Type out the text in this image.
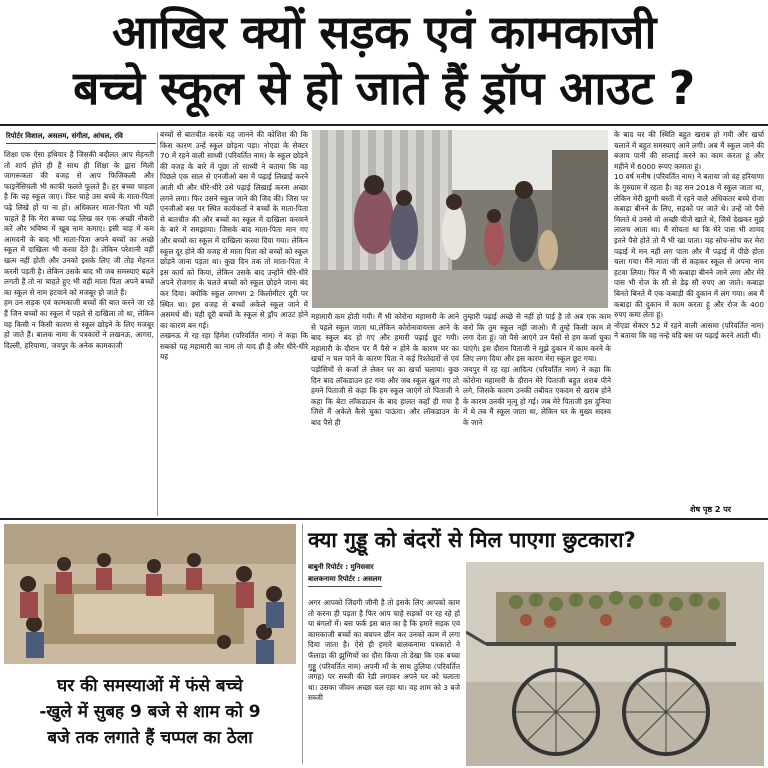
आखिर क्यों सड़क एवं कामकाजी
बच्चे स्कूल से हो जाते हैं ड्रॉप आउट ?
रिपोर्टर विशाल, असलम, संगीता, आंचल, रवि
शिक्षा एक ऐसा हथियार है जिसकी बदौलत आप मेहनती तो शार्प होते ही हैं साथ ही शिक्षा के द्वारा मिली जागरूकता की वजह से आप फिजिकली और फाइनेंसियली भी काफी फलते फूलते हैं। हर बच्चा चाहता है कि वह स्कूल जाए। फिर चाहे उस बच्चे के माता-पिता पढ़े लिखे हों या ना हो। अधिकतर माता-पिता भी यही चाहते हैं कि मेरा बच्चा पढ़ लिख कर एक अच्छी नौकरी करें और भविष्य में खूब नाम कमाए। इसी चाह में कम आमदनी के बाद भी माता-पिता अपने बच्चों का अच्छे स्कूल में दाखिला भी करवा देते हैं। लेकिन परेशानी वहीं खत्म नहीं होती और उनको इसके लिए जी तोड़ मेहनत करनी पड़ती है। लेकिन उसके बाद भी जब समस्याएं बढ़ने लगती हैं तो ना चाहते हुए भी वही माता पिता अपने बच्चों का स्कूल से नाम हटवाने को मजबूर हो जाते हैं।
हम उन सड़क एवं कामकाजी बच्चों की बात करने जा रहे हैं जिन बच्चों का स्कूल में पहले से दाखिला तो था, लेकिन वह किसी न किसी कारण से स्कूल छोड़ने के लिए मजबूर हो जाते हैं। बालक नामा के पत्रकारों ने लखनऊ, आगरा, दिल्ली, हरियाणा, जयपुर के अनेक कामकाजी
बच्चों से बातचीत करके यह जानने की कोशिश की कि किस कारण उन्हें स्कूल छोड़ना पड़ा। नोएडा के सेक्टर 70 में रहने वाली साध्वी (परिवर्तित नाम) के स्कूल छोड़ने की वजह के बारे में पूछा तो साध्वी ने बताया कि वह पिछले एक साल से एनजीओ बस में पढ़ाई लिखाई करने आती थी और धीरे-धीरे उसे पढ़ाई लिखाई करना अच्छा लगने लगा। फिर उसने स्कूल जाने की जिद की। जिस पर एनजीओ बस पर स्थित कार्यकर्ता ने बच्चों के माता-पिता से बातचीत की और बच्चों का स्कूल में दाखिला करवाने के बारे में समझाया। जिसके बाद माता-पिता मान गए और बच्चों का स्कूल में दाखिला करवा दिया गया। लेकिन स्कूल दूर होने की वजह से माता पिता को बच्चों को स्कूल छोड़ने जाना पड़ता था। कुछ दिन तक तो माता-पिता ने इस कार्य को किया, लेकिन उसके बाद उन्होंने धीरे-धीरे अपने रोजगार के चलते बच्चों को स्कूल छोड़ने जाना बंद कर दिया। क्योंकि स्कूल लगभग 2 किलोमीटर दूरी पर स्थित था। इस वजह से बच्चों अकेले स्कूल जाने में असमर्थ थी। यही दूरी बच्चों के स्कूल से ड्रॉप आउट होने का कारण बन गई।
लखनऊ में रह रहा हिमेश (परिवर्तित नाम) ने कहा कि सबको यह महामारी का नाम तो याद ही है और धीरे-धीरे यह
महामारी कम होती गयी। मैं भी कोरोना महामारी के आने से पहले स्कूल जाता था,लेकिन कोरोनावायरस आने के बाद स्कूल बंद हो गए और हमारी पढ़ाई छूट गयी। महामारी के दौरान पर मैं पैसे न होने के कारण घर का खर्चा न चल पाने के कारण पिता ने कई रिश्तेदारों से एवं पड़ोसियों से कर्जा ले लेकर घर का खर्चा चलाया। कुछ दिन बाद लॉकडाउन हट गया और जब स्कूल खुल गए तो हमने पिताजी से कहा कि हम स्कूल जाएंगे तो पिताजी ने कहा कि बेटा लॉकडाउन के बाद हालत कहाँ ही गया है जिसे मैं अकेले कैसे चुका पाऊंगा। और लॉकडाउन के बाद पैसे ही
तुम्हारी पढ़ाई अच्छे से नहीं हो पाई है तो अब एक काम करो कि तुम स्कूल नहीं जाओ। मैं तुम्हें किसी काम में लगा देता हूं। जो पैसे आएंगे उन पैसों से हम कर्जा चुका पाएंगे। इस दौरान पिताजी ने मुझे दुकान में काम करने के लिए लगा दिया और इस कारण मेरा स्कूल छूट गया।
जयपुर में रह रहा आदित्य (परिवर्तित नाम) ने कहा कि कोरोना महामारी के दौरान मेरे पिताजी बहुत शराब पीने लगे, जिसके कारण उनकी तबीयत एकदम से खराब होने के कारण उनकी मृत्यु हो गई। जब मेरे पिताजी इस दुनिया में थे तब मैं स्कूल जाता था, लेकिन घर के मुख्य सदस्य के जाने
के बाद घर की स्थिति बहुत खराब हो गयी और खर्चा चलाने में बहुत समस्याएं आने लगी। अब मैं स्कूल जाने की बजाय पानी की सप्लाई करने का काम करता हूं और महीने में 6000 रूपए कमाता हूं।
10 वर्ष मनीष (परिवर्तित नाम) ने बताया जो वह हरियाणा के गुरुग्राम में रहता है। वह सन 2018 में स्कूल जाता था, लेकिन मेरी झुग्गी बस्ती में रहने वाले अधिकतर बच्चे रोजा कबाड़ा बीनने के लिए, सड़कों पर जाते थे। उन्हें जो पैसे मिलते थे उनसे वो अच्छी चीजें खाते थे, जिसे देखकर मुझे लालच आता था। मैं सोचता था कि मेरे पास भी शायद इतने पैसे होते तो मैं भी खा पाता। यह सोच-सोच कर मेरा पढ़ाई में मन नहीं लग पाता और मैं पढ़ाई में पीछे होता चला गया। मैंने माता जी से कहकर स्कूल से अपना नाम हटवा लिया। फिर मैं भी कबाड़ा बीनने जाने लगा और मेरे पास भी रोज के सौ से डेढ़ सौ रुपए आ जाते। कबाड़ा बिनते बिनते मैं एक कबाड़ी की दुकान में लग गया। अब मैं कबाड़ा की दुकान में काम करता हूं और रोज के 400 रुपए कमा लेता हूं।
नोएडा सेक्टर 52 में रहने वाली आसमा (परिवर्तित नाम) ने बताया कि वह नन्हे यदि बस पर पढ़ाई करने आती थी।
शेष पृष्ठ 2 पर
घर की समस्याओं में फंसे बच्चे
-खुले में सुबह 9 बजे से शाम को 9
बजे तक लगाते हैं चप्पल का ठेला
क्या गुड्डू को बंदरों से मिल पाएगा छुटकारा?
बाबुनी रिपोर्टर : मुनिसवार
बालकनामा रिपोर्टर : असलम
अगर आपको जिंदगी जीनी है तो इसके लिए आपको काम तो करना ही पड़ता है फिर आप चाहे सड़कों पर रह रहे हो या बंगलों में। बस फर्क इस बात का है कि हमारे सड़क एवं कामकाजी बच्चों का बचपन छीन कर उनको काम में लगा दिया जाता है। ऐसे ही हमारे बालकनामा पत्रकारों ने फॅलाडा की झुग्गियों का दौरा किया तो देखा कि एक बच्चा गुड्डू (परिवर्तित नाम) अपनी माँ के साथ ठुलिया (परिवर्तित जगह) पर सब्जी की रेडी लगाकर अपने घर को चलाता था। उसका जीवन अच्छा चल रहा था। वह शाम को 3 बजे सब्जी
